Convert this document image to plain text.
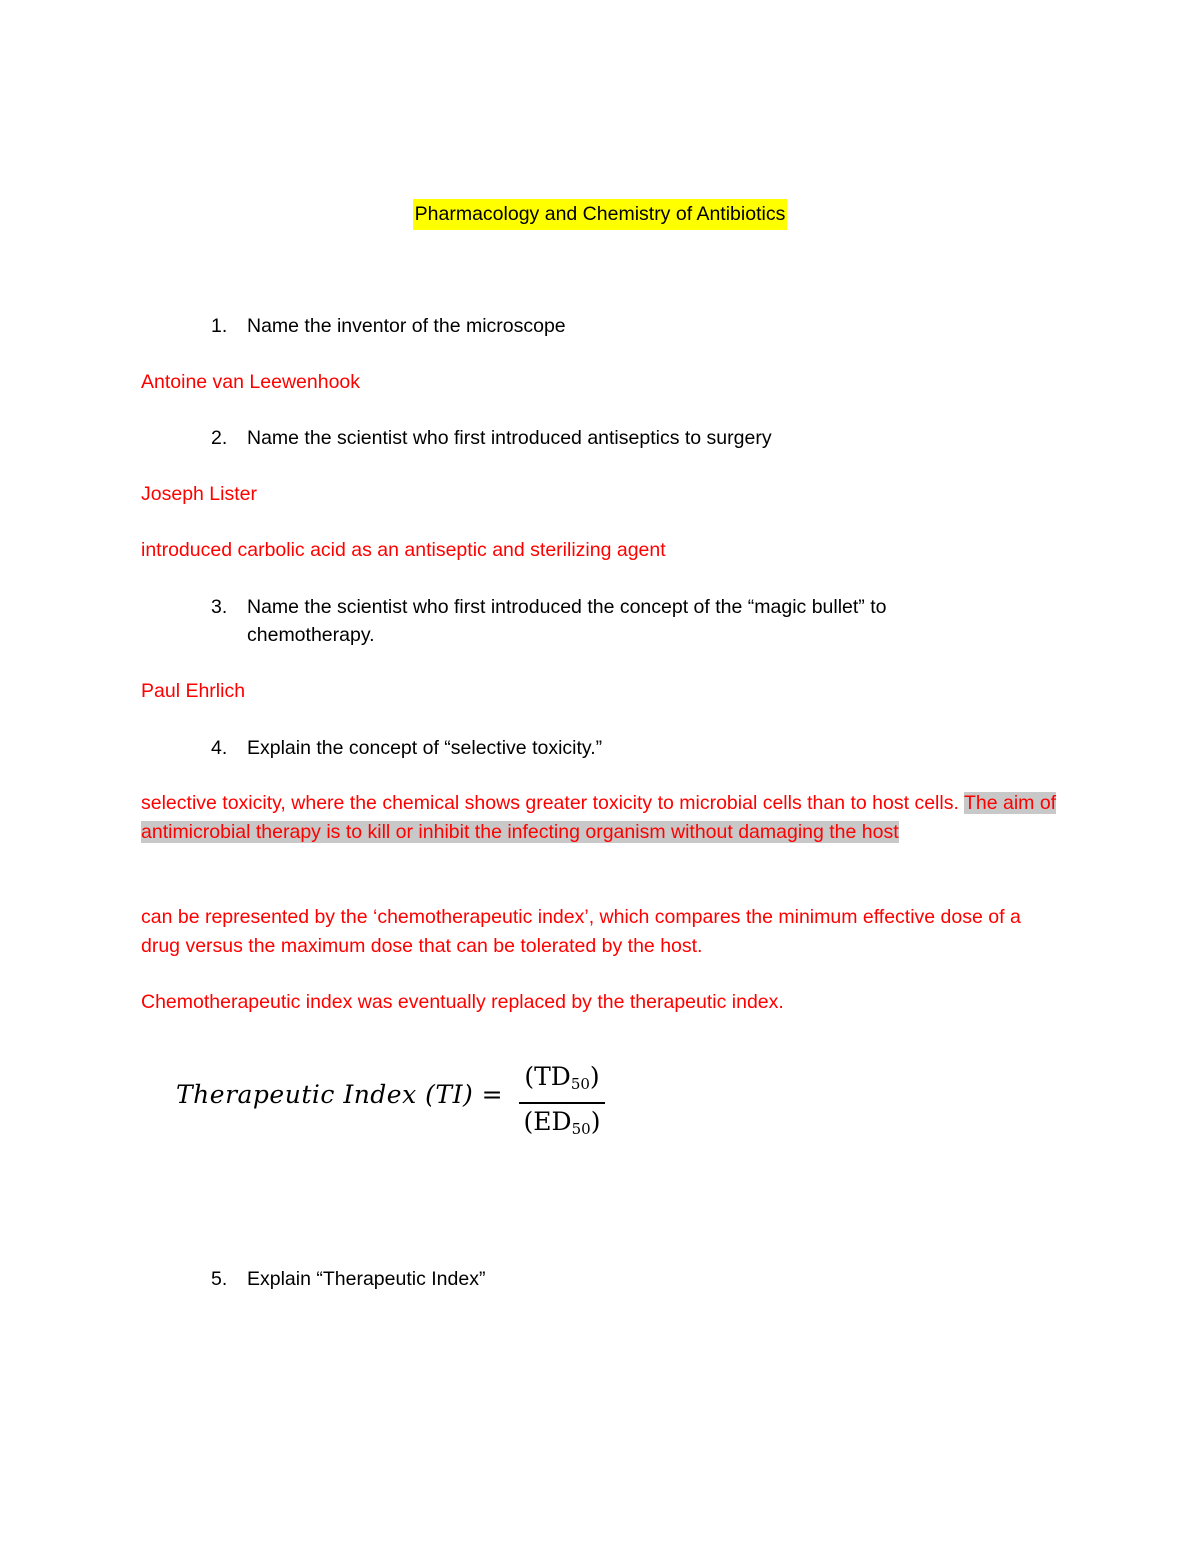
Pharmacology and Chemistry of Antibiotics
1. Name the inventor of the microscope
Antoine van Leewenhook
2. Name the scientist who first introduced antiseptics to surgery
Joseph Lister
introduced carbolic acid as an antiseptic and sterilizing agent
3. Name the scientist who first introduced the concept of the “magic bullet” to
chemotherapy.
Paul Ehrlich
4. Explain the concept of “selective toxicity.”
selective toxicity, where the chemical shows greater toxicity to microbial cells than to host cells. The aim of antimicrobial therapy is to kill or inhibit the infecting organism without damaging the host
can be represented by the ‘chemotherapeutic index’, which compares the minimum effective dose of a drug versus the maximum dose that can be tolerated by the host.
Chemotherapeutic index was eventually replaced by the therapeutic index.
Therapeutic Index (TI) =
$(TD_{50})$
$(ED_{50})$
5. Explain “Therapeutic Index”
